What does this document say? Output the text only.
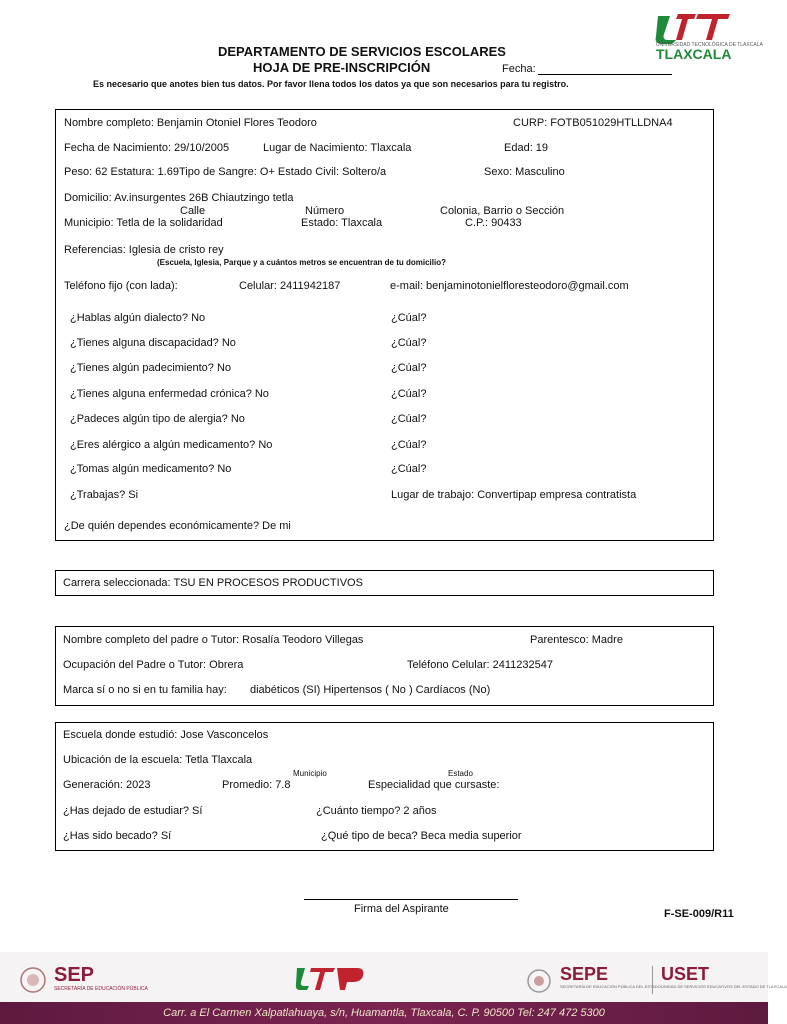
UNIVERSIDAD TECNOLÓGICA DE TLAXCALA
TLAXCALA
DEPARTAMENTO DE SERVICIOS ESCOLARES
HOJA DE PRE-INSCRIPCIÓN	Fecha:
Es necesario que anotes bien tus datos. Por favor llena todos los datos ya que son necesarios para tu registro.
Nombre completo: Benjamin Otoniel Flores Teodoro	CURP: FOTB051029HTLLDNA4
Fecha de Nacimiento: 29/10/2005	Lugar de Nacimiento: Tlaxcala	Edad: 19
Peso: 62 Estatura: 1.69Tipo de Sangre: O+ Estado Civil: Soltero/a	Sexo: Masculino
Domicilio: Av.insurgentes 26B Chiautzingo tetla
Calle	Número	Colonia, Barrio o Sección
Municipio: Tetla de la solidaridad	Estado: Tlaxcala	C.P.: 90433
Referencias: Iglesia de cristo rey
(Escuela, Iglesia, Parque y a cuántos metros se encuentran de tu domicilio?
Teléfono fijo (con lada):	Celular: 2411942187	e-mail: benjaminotonielfloresteodoro@gmail.com
¿Hablas algún dialecto? No	¿Cúal?
¿Tienes alguna discapacidad? No	¿Cúal?
¿Tienes algún padecimiento? No	¿Cúal?
¿Tienes alguna enfermedad crónica? No	¿Cúal?
¿Padeces algún tipo de alergia? No	¿Cúal?
¿Eres alérgico a algún medicamento? No	¿Cúal?
¿Tomas algún medicamento? No	¿Cúal?
¿Trabajas? Si	Lugar de trabajo: Convertipap empresa contratista
¿De quién dependes económicamente? De mi
Carrera seleccionada: TSU EN PROCESOS PRODUCTIVOS
Nombre completo del padre o Tutor: Rosalía Teodoro Villegas	Parentesco: Madre
Ocupación del Padre o Tutor: Obrera	Teléfono Celular: 2411232547
Marca sí o no si en tu familia hay: diabéticos (SI) Hipertensos ( No ) Cardíacos (No)
Escuela donde estudió: Jose Vasconcelos
Ubicación de la escuela: Tetla Tlaxcala
Municipio	Estado
Generación: 2023	Promedio: 7.8	Especialidad que cursaste:
¿Has dejado de estudiar? Sí	¿Cuánto tiempo? 2 años
¿Has sido becado? Sí	¿Qué tipo de beca? Beca media superior
Firma del Aspirante	F-SE-009/R11
SEP
SECRETARÍA DE EDUCACIÓN PÚBLICA
SEPE
SECRETARÍA DE EDUCACIÓN PÚBLICA DEL ESTADO
USET
UNIDAD DE SERVICIOS EDUCATIVOS DEL ESTADO DE TLAXCALA
Carr. a El Carmen Xalpatlahuaya, s/n, Huamantla, Tlaxcala, C. P. 90500 Tel: 247 472 5300
